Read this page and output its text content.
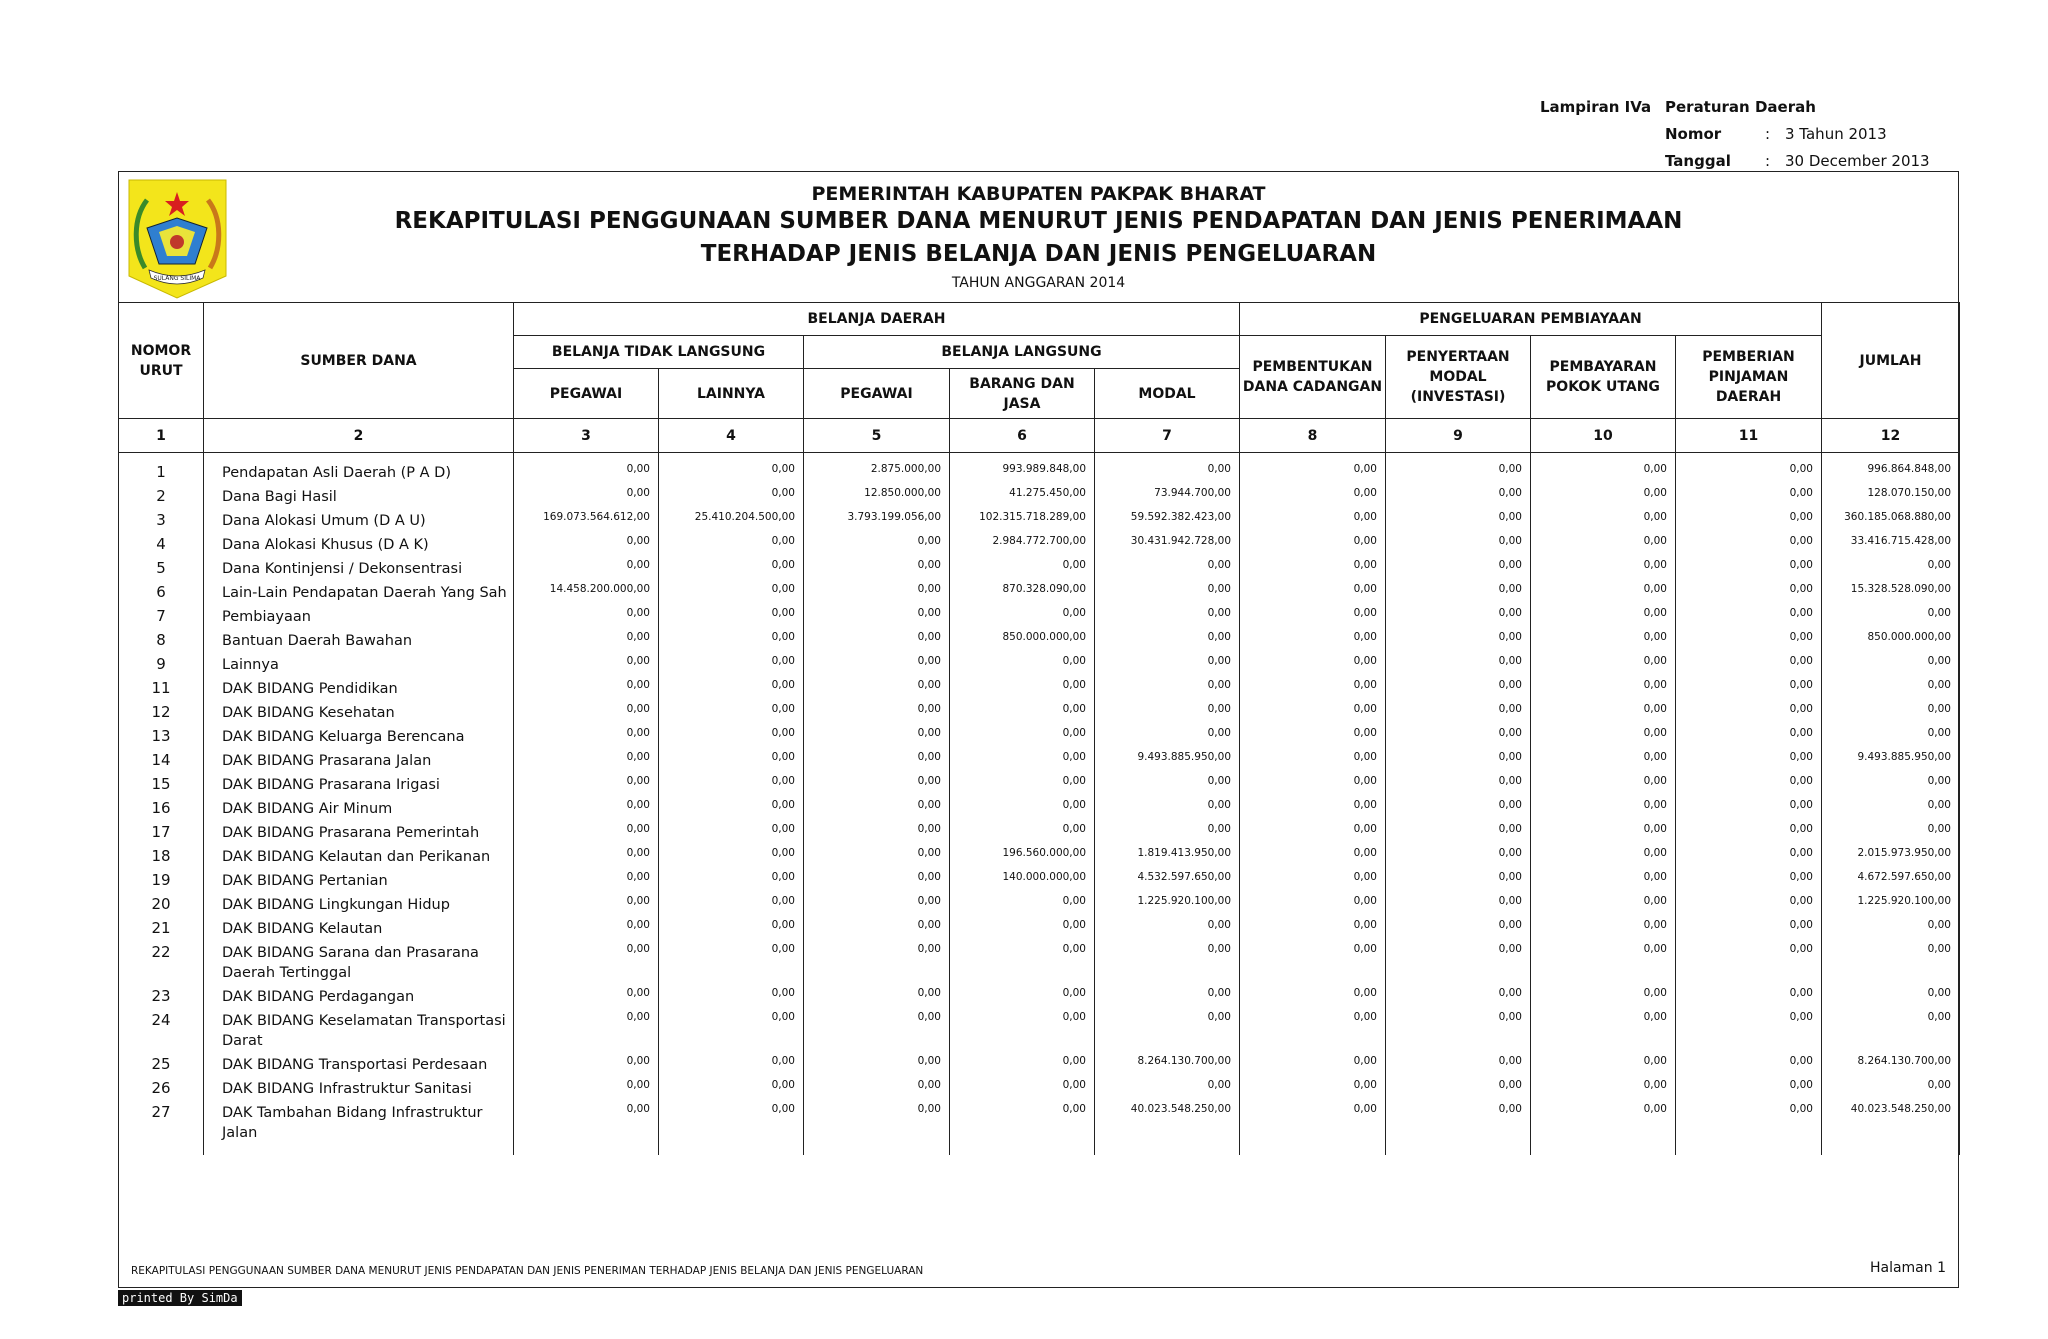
Lampiran IVa Peraturan Daerah
Nomor	: 3 Tahun 2013
Tanggal	: 30 December 2013
SULANG SILIMA
PEMERINTAH KABUPATEN PAKPAK BHARAT
REKAPITULASI PENGGUNAAN SUMBER DANA MENURUT JENIS PENDAPATAN DAN JENIS PENERIMAAN
TERHADAP JENIS BELANJA DAN JENIS PENGELUARAN
TAHUN ANGGARAN 2014
NOMOR URUT	SUMBER DANA	BELANJA DAERAH					PENGELUARAN PEMBIAYAAN				JUMLAH
		BELANJA TIDAK LANGSUNG		BELANJA LANGSUNG			PEMBENTUKAN DANA CADANGAN	PENYERTAAN MODAL (INVESTASI)	PEMBAYARAN POKOK UTANG	PEMBERIAN PINJAMAN DAERAH	
		PEGAWAI	LAINNYA	PEGAWAI	BARANG DAN JASA	MODAL					
1	2	3	4	5	6	7	8	9	10	11	12
1	Pendapatan Asli Daerah (P A D)	0,00	0,00	2.875.000,00	993.989.848,00	0,00	0,00	0,00	0,00	0,00	996.864.848,00
2	Dana Bagi Hasil	0,00	0,00	12.850.000,00	41.275.450,00	73.944.700,00	0,00	0,00	0,00	0,00	128.070.150,00
3	Dana Alokasi Umum (D A U)	169.073.564.612,00	25.410.204.500,00	3.793.199.056,00	102.315.718.289,00	59.592.382.423,00	0,00	0,00	0,00	0,00	360.185.068.880,00
4	Dana Alokasi Khusus (D A K)	0,00	0,00	0,00	2.984.772.700,00	30.431.942.728,00	0,00	0,00	0,00	0,00	33.416.715.428,00
5	Dana Kontinjensi / Dekonsentrasi	0,00	0,00	0,00	0,00	0,00	0,00	0,00	0,00	0,00	0,00
6	Lain-Lain Pendapatan Daerah Yang Sah	14.458.200.000,00	0,00	0,00	870.328.090,00	0,00	0,00	0,00	0,00	0,00	15.328.528.090,00
7	Pembiayaan	0,00	0,00	0,00	0,00	0,00	0,00	0,00	0,00	0,00	0,00
8	Bantuan Daerah Bawahan	0,00	0,00	0,00	850.000.000,00	0,00	0,00	0,00	0,00	0,00	850.000.000,00
9	Lainnya	0,00	0,00	0,00	0,00	0,00	0,00	0,00	0,00	0,00	0,00
11	DAK BIDANG Pendidikan	0,00	0,00	0,00	0,00	0,00	0,00	0,00	0,00	0,00	0,00
12	DAK BIDANG Kesehatan	0,00	0,00	0,00	0,00	0,00	0,00	0,00	0,00	0,00	0,00
13	DAK BIDANG Keluarga Berencana	0,00	0,00	0,00	0,00	0,00	0,00	0,00	0,00	0,00	0,00
14	DAK BIDANG Prasarana Jalan	0,00	0,00	0,00	0,00	9.493.885.950,00	0,00	0,00	0,00	0,00	9.493.885.950,00
15	DAK BIDANG Prasarana Irigasi	0,00	0,00	0,00	0,00	0,00	0,00	0,00	0,00	0,00	0,00
16	DAK BIDANG Air Minum	0,00	0,00	0,00	0,00	0,00	0,00	0,00	0,00	0,00	0,00
17	DAK BIDANG Prasarana Pemerintah	0,00	0,00	0,00	0,00	0,00	0,00	0,00	0,00	0,00	0,00
18	DAK BIDANG Kelautan dan Perikanan	0,00	0,00	0,00	196.560.000,00	1.819.413.950,00	0,00	0,00	0,00	0,00	2.015.973.950,00
19	DAK BIDANG Pertanian	0,00	0,00	0,00	140.000.000,00	4.532.597.650,00	0,00	0,00	0,00	0,00	4.672.597.650,00
20	DAK BIDANG Lingkungan Hidup	0,00	0,00	0,00	0,00	1.225.920.100,00	0,00	0,00	0,00	0,00	1.225.920.100,00
21	DAK BIDANG Kelautan	0,00	0,00	0,00	0,00	0,00	0,00	0,00	0,00	0,00	0,00
22	DAK BIDANG Sarana dan Prasarana Daerah Tertinggal	0,00	0,00	0,00	0,00	0,00	0,00	0,00	0,00	0,00	0,00
23	DAK BIDANG Perdagangan	0,00	0,00	0,00	0,00	0,00	0,00	0,00	0,00	0,00	0,00
24	DAK BIDANG Keselamatan Transportasi Darat	0,00	0,00	0,00	0,00	0,00	0,00	0,00	0,00	0,00	0,00
25	DAK BIDANG Transportasi Perdesaan	0,00	0,00	0,00	0,00	8.264.130.700,00	0,00	0,00	0,00	0,00	8.264.130.700,00
26	DAK BIDANG Infrastruktur Sanitasi	0,00	0,00	0,00	0,00	0,00	0,00	0,00	0,00	0,00	0,00
27	DAK Tambahan Bidang Infrastruktur Jalan	0,00	0,00	0,00	0,00	40.023.548.250,00	0,00	0,00	0,00	0,00	40.023.548.250,00
REKAPITULASI PENGGUNAAN SUMBER DANA MENURUT JENIS PENDAPATAN DAN JENIS PENERIMAN TERHADAP JENIS BELANJA DAN JENIS PENGELUARAN	Halaman 1
printed By SimDa
